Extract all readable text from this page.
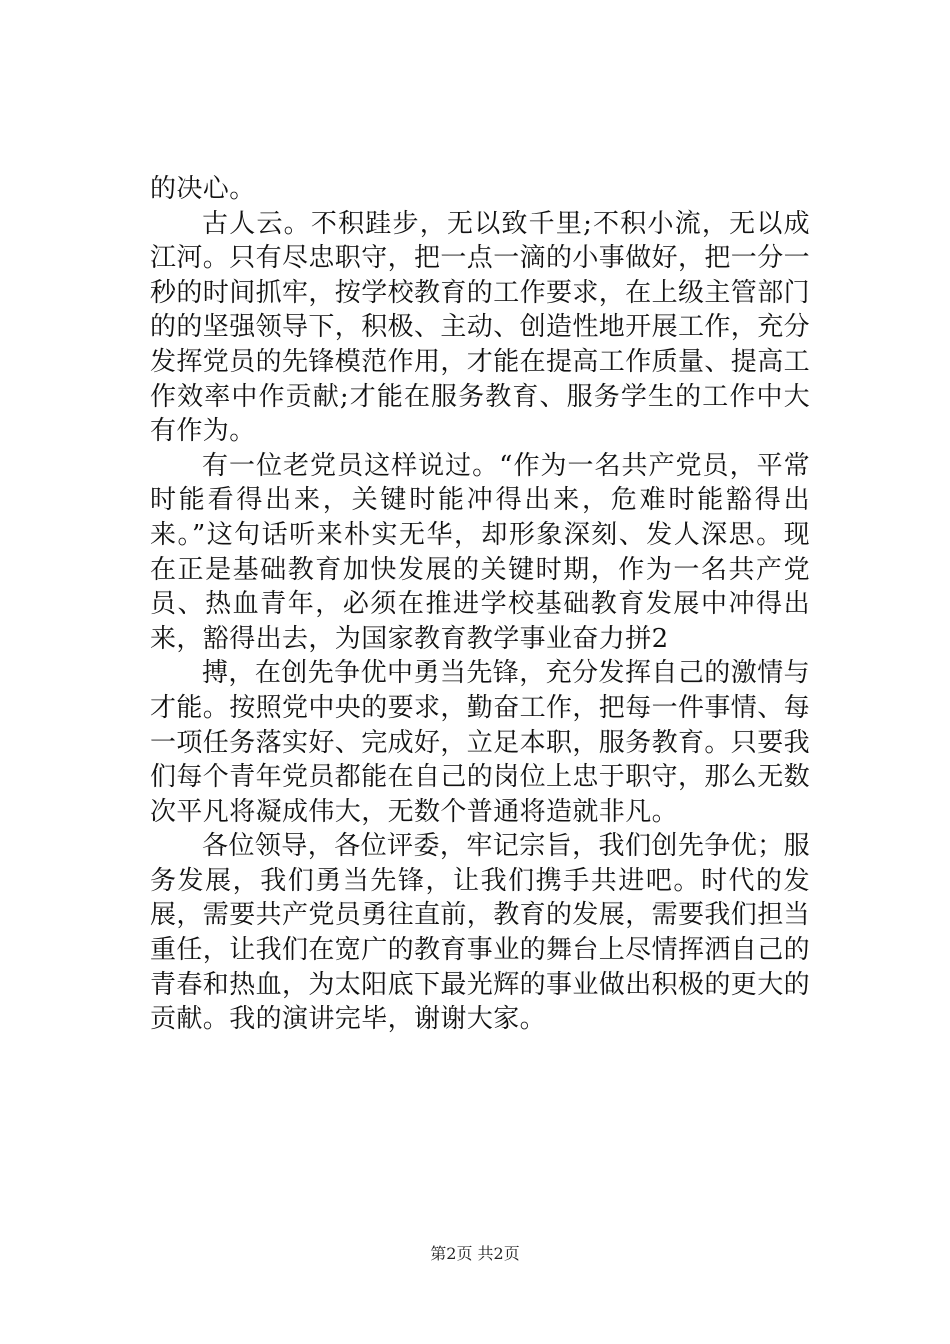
的决心。

古人云。不积跬步，无以致千里;不积小流，无以成江河。只有尽忠职守，把一点一滴的小事做好，把一分一秒的时间抓牢，按学校教育的工作要求，在上级主管部门的的坚强领导下，积极、主动、创造性地开展工作，充分发挥党员的先锋模范作用，才能在提高工作质量、提高工作效率中作贡献;才能在服务教育、服务学生的工作中大有作为。

有一位老党员这样说过。“作为一名共产党员，平常时能看得出来，关键时能冲得出来，危难时能豁得出来。”这句话听来朴实无华，却形象深刻、发人深思。现在正是基础教育加快发展的关键时期，作为一名共产党员、热血青年，必须在推进学校基础教育发展中冲得出来，豁得出去，为国家教育教学事业奋力拼2

搏，在创先争优中勇当先锋，充分发挥自己的激情与才能。按照党中央的要求，勤奋工作，把每一件事情、每一项任务落实好、完成好，立足本职，服务教育。只要我们每个青年党员都能在自己的岗位上忠于职守，那么无数次平凡将凝成伟大，无数个普通将造就非凡。

各位领导，各位评委，牢记宗旨，我们创先争优；服务发展，我们勇当先锋，让我们携手共进吧。时代的发展，需要共产党员勇往直前，教育的发展，需要我们担当重任，让我们在宽广的教育事业的舞台上尽情挥洒自己的青春和热血，为太阳底下最光辉的事业做出积极的更大的贡献。我的演讲完毕，谢谢大家。

第2页 共2页
